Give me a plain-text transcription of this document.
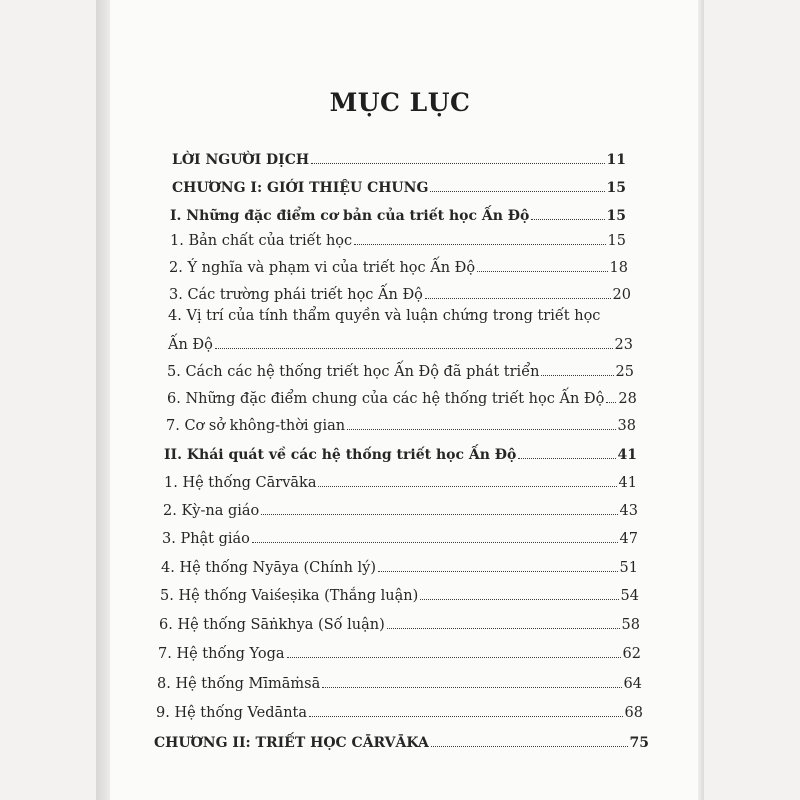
MỤC LỤC
LỜI NGƯỜI DỊCH	11
CHƯƠNG I: GIỚI THIỆU CHUNG	15
I. Những đặc điểm cơ bản của triết học Ấn Độ	15
1. Bản chất của triết học	15
2. Ý nghĩa và phạm vi của triết học Ấn Độ	18
3. Các trường phái triết học Ấn Độ	20
4. Vị trí của tính thẩm quyền và luận chứng trong triết học
Ấn Độ	23
5. Cách các hệ thống triết học Ấn Độ đã phát triển	25
6. Những đặc điểm chung của các hệ thống triết học Ấn Độ 28
7. Cơ sở không-thời gian	38
II. Khái quát về các hệ thống triết học Ấn Độ	41
1. Hệ thống Cārvāka	41
2. Kỳ-na giáo	43
3. Phật giáo	47
4. Hệ thống Nyāya (Chính lý)	51
5. Hệ thống Vaiśeṣika (Thắng luận)	54
6. Hệ thống Sāṅkhya (Số luận)	58
7. Hệ thống Yoga	62
8. Hệ thống Mīmāṁsā	64
9. Hệ thống Vedānta	68
CHƯƠNG II: TRIẾT HỌC CĀRVĀKA	75
